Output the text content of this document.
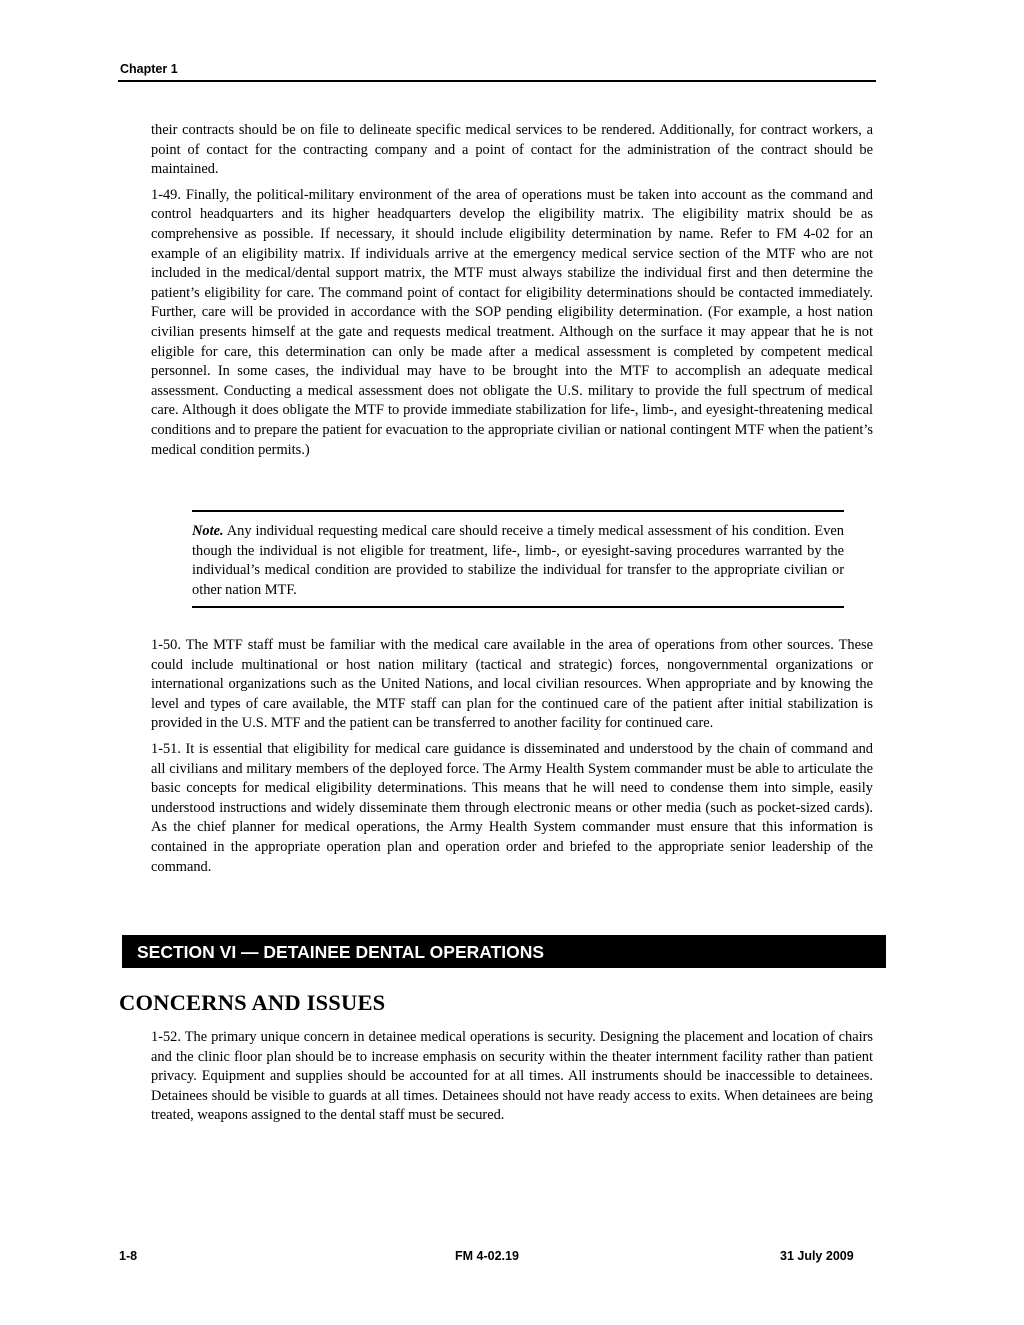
Chapter 1

their contracts should be on file to delineate specific medical services to be rendered. Additionally, for contract workers, a point of contact for the contracting company and a point of contact for the administration of the contract should be maintained.

1-49. Finally, the political-military environment of the area of operations must be taken into account as the command and control headquarters and its higher headquarters develop the eligibility matrix. The eligibility matrix should be as comprehensive as possible. If necessary, it should include eligibility determination by name. Refer to FM 4-02 for an example of an eligibility matrix. If individuals arrive at the emergency medical service section of the MTF who are not included in the medical/dental support matrix, the MTF must always stabilize the individual first and then determine the patient’s eligibility for care. The command point of contact for eligibility determinations should be contacted immediately. Further, care will be provided in accordance with the SOP pending eligibility determination. (For example, a host nation civilian presents himself at the gate and requests medical treatment. Although on the surface it may appear that he is not eligible for care, this determination can only be made after a medical assessment is completed by competent medical personnel. In some cases, the individual may have to be brought into the MTF to accomplish an adequate medical assessment. Conducting a medical assessment does not obligate the U.S. military to provide the full spectrum of medical care. Although it does obligate the MTF to provide immediate stabilization for life-, limb-, and eyesight-threatening medical conditions and to prepare the patient for evacuation to the appropriate civilian or national contingent MTF when the patient’s medical condition permits.)

Note. Any individual requesting medical care should receive a timely medical assessment of his condition. Even though the individual is not eligible for treatment, life-, limb-, or eyesight-saving procedures warranted by the individual’s medical condition are provided to stabilize the individual for transfer to the appropriate civilian or other nation MTF.

1-50. The MTF staff must be familiar with the medical care available in the area of operations from other sources. These could include multinational or host nation military (tactical and strategic) forces, nongovernmental organizations or international organizations such as the United Nations, and local civilian resources. When appropriate and by knowing the level and types of care available, the MTF staff can plan for the continued care of the patient after initial stabilization is provided in the U.S. MTF and the patient can be transferred to another facility for continued care.

1-51. It is essential that eligibility for medical care guidance is disseminated and understood by the chain of command and all civilians and military members of the deployed force. The Army Health System commander must be able to articulate the basic concepts for medical eligibility determinations. This means that he will need to condense them into simple, easily understood instructions and widely disseminate them through electronic means or other media (such as pocket-sized cards). As the chief planner for medical operations, the Army Health System commander must ensure that this information is contained in the appropriate operation plan and operation order and briefed to the appropriate senior leadership of the command.

SECTION VI — DETAINEE DENTAL OPERATIONS
CONCERNS AND ISSUES

1-52. The primary unique concern in detainee medical operations is security. Designing the placement and location of chairs and the clinic floor plan should be to increase emphasis on security within the theater internment facility rather than patient privacy. Equipment and supplies should be accounted for at all times. All instruments should be inaccessible to detainees. Detainees should be visible to guards at all times. Detainees should not have ready access to exits. When detainees are being treated, weapons assigned to the dental staff must be secured.

1-8	FM 4-02.19	31 July 2009
